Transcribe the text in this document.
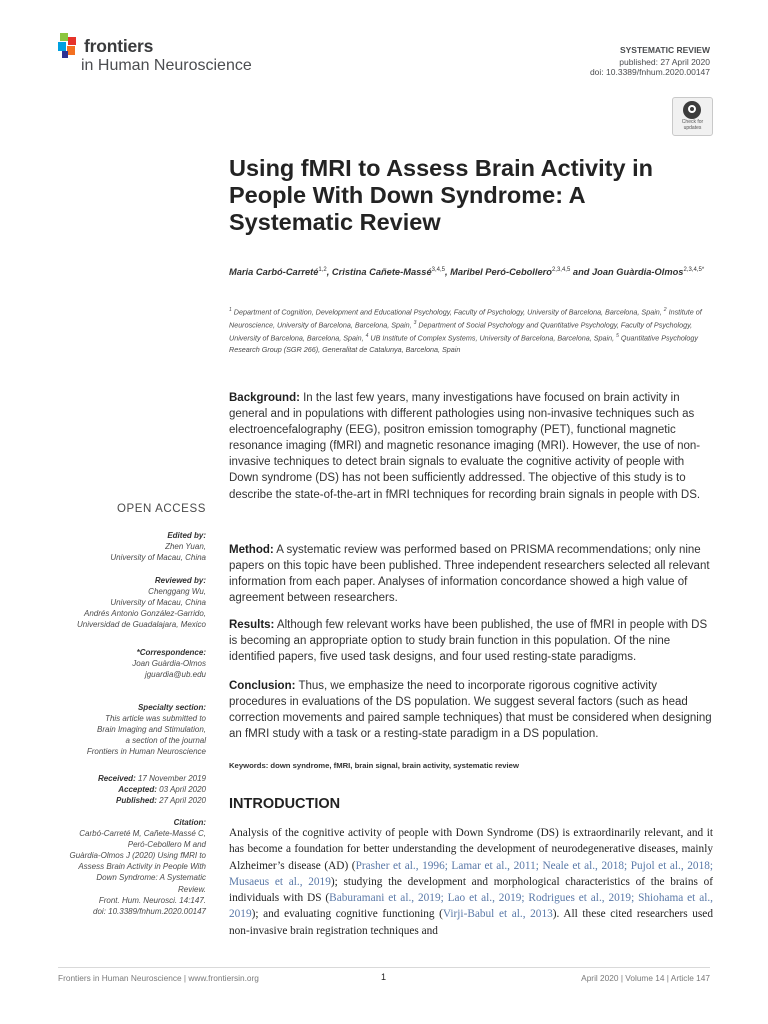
frontiers
in Human Neuroscience
SYSTEMATIC REVIEW
published: 27 April 2020
doi: 10.3389/fnhum.2020.00147
Check for updates
Using fMRI to Assess Brain Activity in People With Down Syndrome: A Systematic Review
Maria Carbó-Carreté$^{1,2}$, Cristina Cañete-Massé$^{3,4,5}$, Maribel Peró-Cebollero$^{2,3,4,5}$ and Joan Guàrdia-Olmos$^{2,3,4,5*}$
$^1$ Department of Cognition, Development and Educational Psychology, Faculty of Psychology, University of Barcelona, Barcelona, Spain, $^2$ Institute of Neuroscience, University of Barcelona, Barcelona, Spain, $^3$ Department of Social Psychology and Quantitative Psychology, Faculty of Psychology, University of Barcelona, Barcelona, Spain, $^4$ UB Institute of Complex Systems, University of Barcelona, Barcelona, Spain, $^5$ Quantitative Psychology Research Group (SGR 266), Generalitat de Catalunya, Barcelona, Spain

Background: In the last few years, many investigations have focused on brain activity in general and in populations with different pathologies using non-invasive techniques such as electroencefalography (EEG), positron emission tomography (PET), functional magnetic resonance imaging (fMRI) and magnetic resonance imaging (MRI). However, the use of non-invasive techniques to detect brain signals to evaluate the cognitive activity of people with Down syndrome (DS) has not been sufficiently addressed. The objective of this study is to describe the state-of-the-art in fMRI techniques for recording brain signals in people with DS.

Method: A systematic review was performed based on PRISMA recommendations; only nine papers on this topic have been published. Three independent researchers selected all relevant information from each paper. Analyses of information concordance showed a high value of agreement between researchers.

Results: Although few relevant works have been published, the use of fMRI in people with DS is becoming an appropriate option to study brain function in this population. Of the nine identified papers, five used task designs, and four used resting-state paradigms.

Conclusion: Thus, we emphasize the need to incorporate rigorous cognitive activity procedures in evaluations of the DS population. We suggest several factors (such as head correction movements and paired sample techniques) that must be considered when designing an fMRI study with a task or a resting-state paradigm in a DS population.

Keywords: down syndrome, fMRI, brain signal, brain activity, systematic review
INTRODUCTION

Analysis of the cognitive activity of people with Down Syndrome (DS) is extraordinarily relevant, and it has become a foundation for better understanding the development of neurodegenerative diseases, mainly Alzheimer’s disease (AD) (Prasher et al., 1996; Lamar et al., 2011; Neale et al., 2018; Pujol et al., 2018; Musaeus et al., 2019); studying the development and morphological characteristics of the brains of individuals with DS (Baburamani et al., 2019; Lao et al., 2019; Rodrigues et al., 2019; Shiohama et al., 2019); and evaluating cognitive functioning (Virji-Babul et al., 2013). All these cited researchers used non-invasive brain registration techniques and

OPEN ACCESS
Edited by:
Zhen Yuan,
University of Macau, China
Reviewed by:
Chenggang Wu,
University of Macau, China
Andrés Antonio González-Garrido,
Universidad de Guadalajara, Mexico
*Correspondence:
Joan Guàrdia-Olmos
jguardia@ub.edu
Specialty section:
This article was submitted to
Brain Imaging and Stimulation,
a section of the journal
Frontiers in Human Neuroscience
Received: 17 November 2019
Accepted: 03 April 2020
Published: 27 April 2020
Citation:
Carbó-Carreté M, Cañete-Massé C,
Peró-Cebollero M and
Guàrdia-Olmos J (2020) Using fMRI to
Assess Brain Activity in People With
Down Syndrome: A Systematic
Review.
Front. Hum. Neurosci. 14:147.
doi: 10.3389/fnhum.2020.00147
Frontiers in Human Neuroscience | www.frontiersin.org	1	April 2020 | Volume 14 | Article 147
